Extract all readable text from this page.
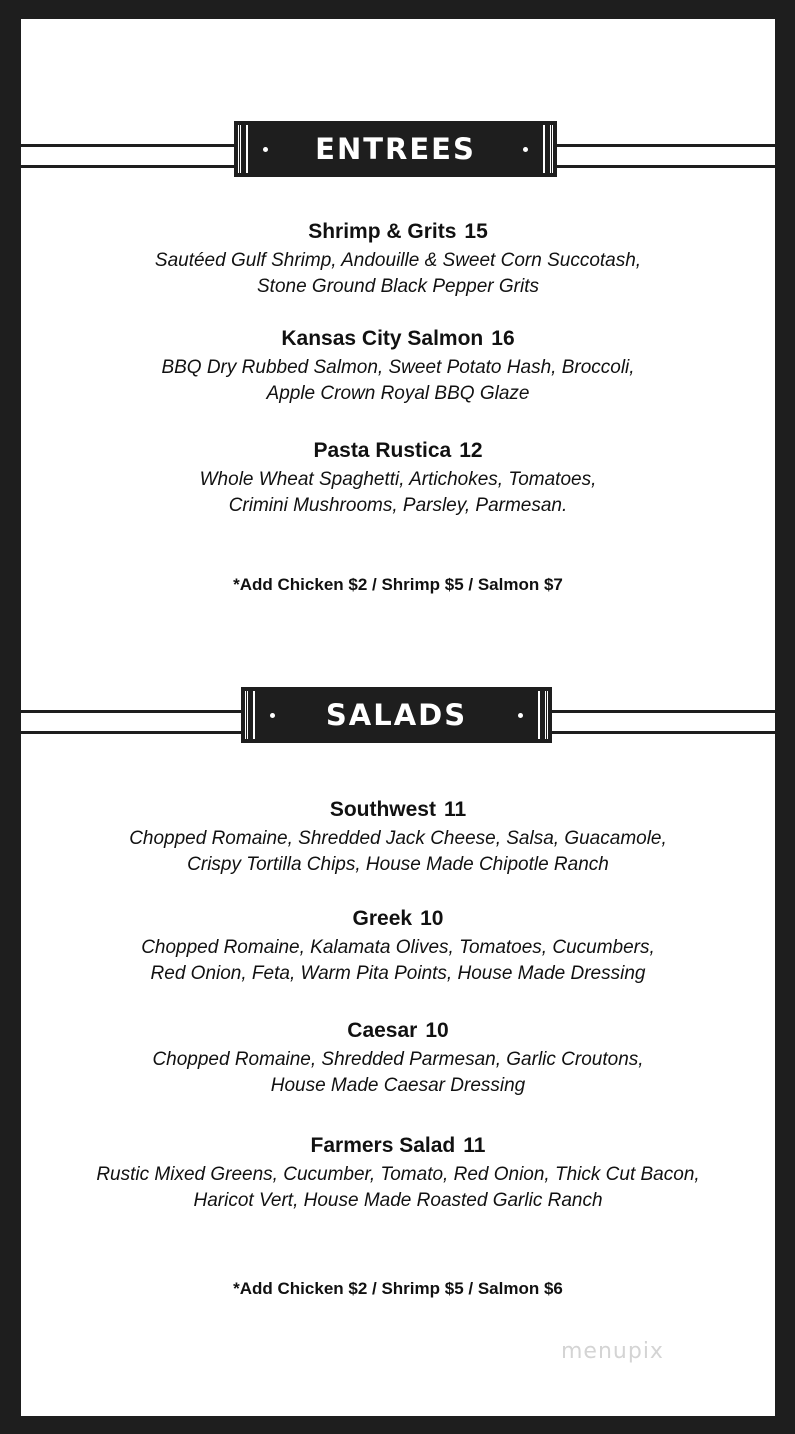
ENTREES
Shrimp & Grits 15
Sautéed Gulf Shrimp, Andouille & Sweet Corn Succotash,
Stone Ground Black Pepper Grits
Kansas City Salmon 16
BBQ Dry Rubbed Salmon, Sweet Potato Hash, Broccoli,
Apple Crown Royal BBQ Glaze
Pasta Rustica 12
Whole Wheat Spaghetti, Artichokes, Tomatoes,
Crimini Mushrooms, Parsley, Parmesan.
*Add Chicken $2 / Shrimp $5 / Salmon $7
SALADS
Southwest 11
Chopped Romaine, Shredded Jack Cheese, Salsa, Guacamole,
Crispy Tortilla Chips, House Made Chipotle Ranch
Greek 10
Chopped Romaine, Kalamata Olives, Tomatoes, Cucumbers,
Red Onion, Feta, Warm Pita Points, House Made Dressing
Caesar 10
Chopped Romaine, Shredded Parmesan, Garlic Croutons,
House Made Caesar Dressing
Farmers Salad 11
Rustic Mixed Greens, Cucumber, Tomato, Red Onion, Thick Cut Bacon,
Haricot Vert, House Made Roasted Garlic Ranch
*Add Chicken $2 / Shrimp $5 / Salmon $6
menupix
